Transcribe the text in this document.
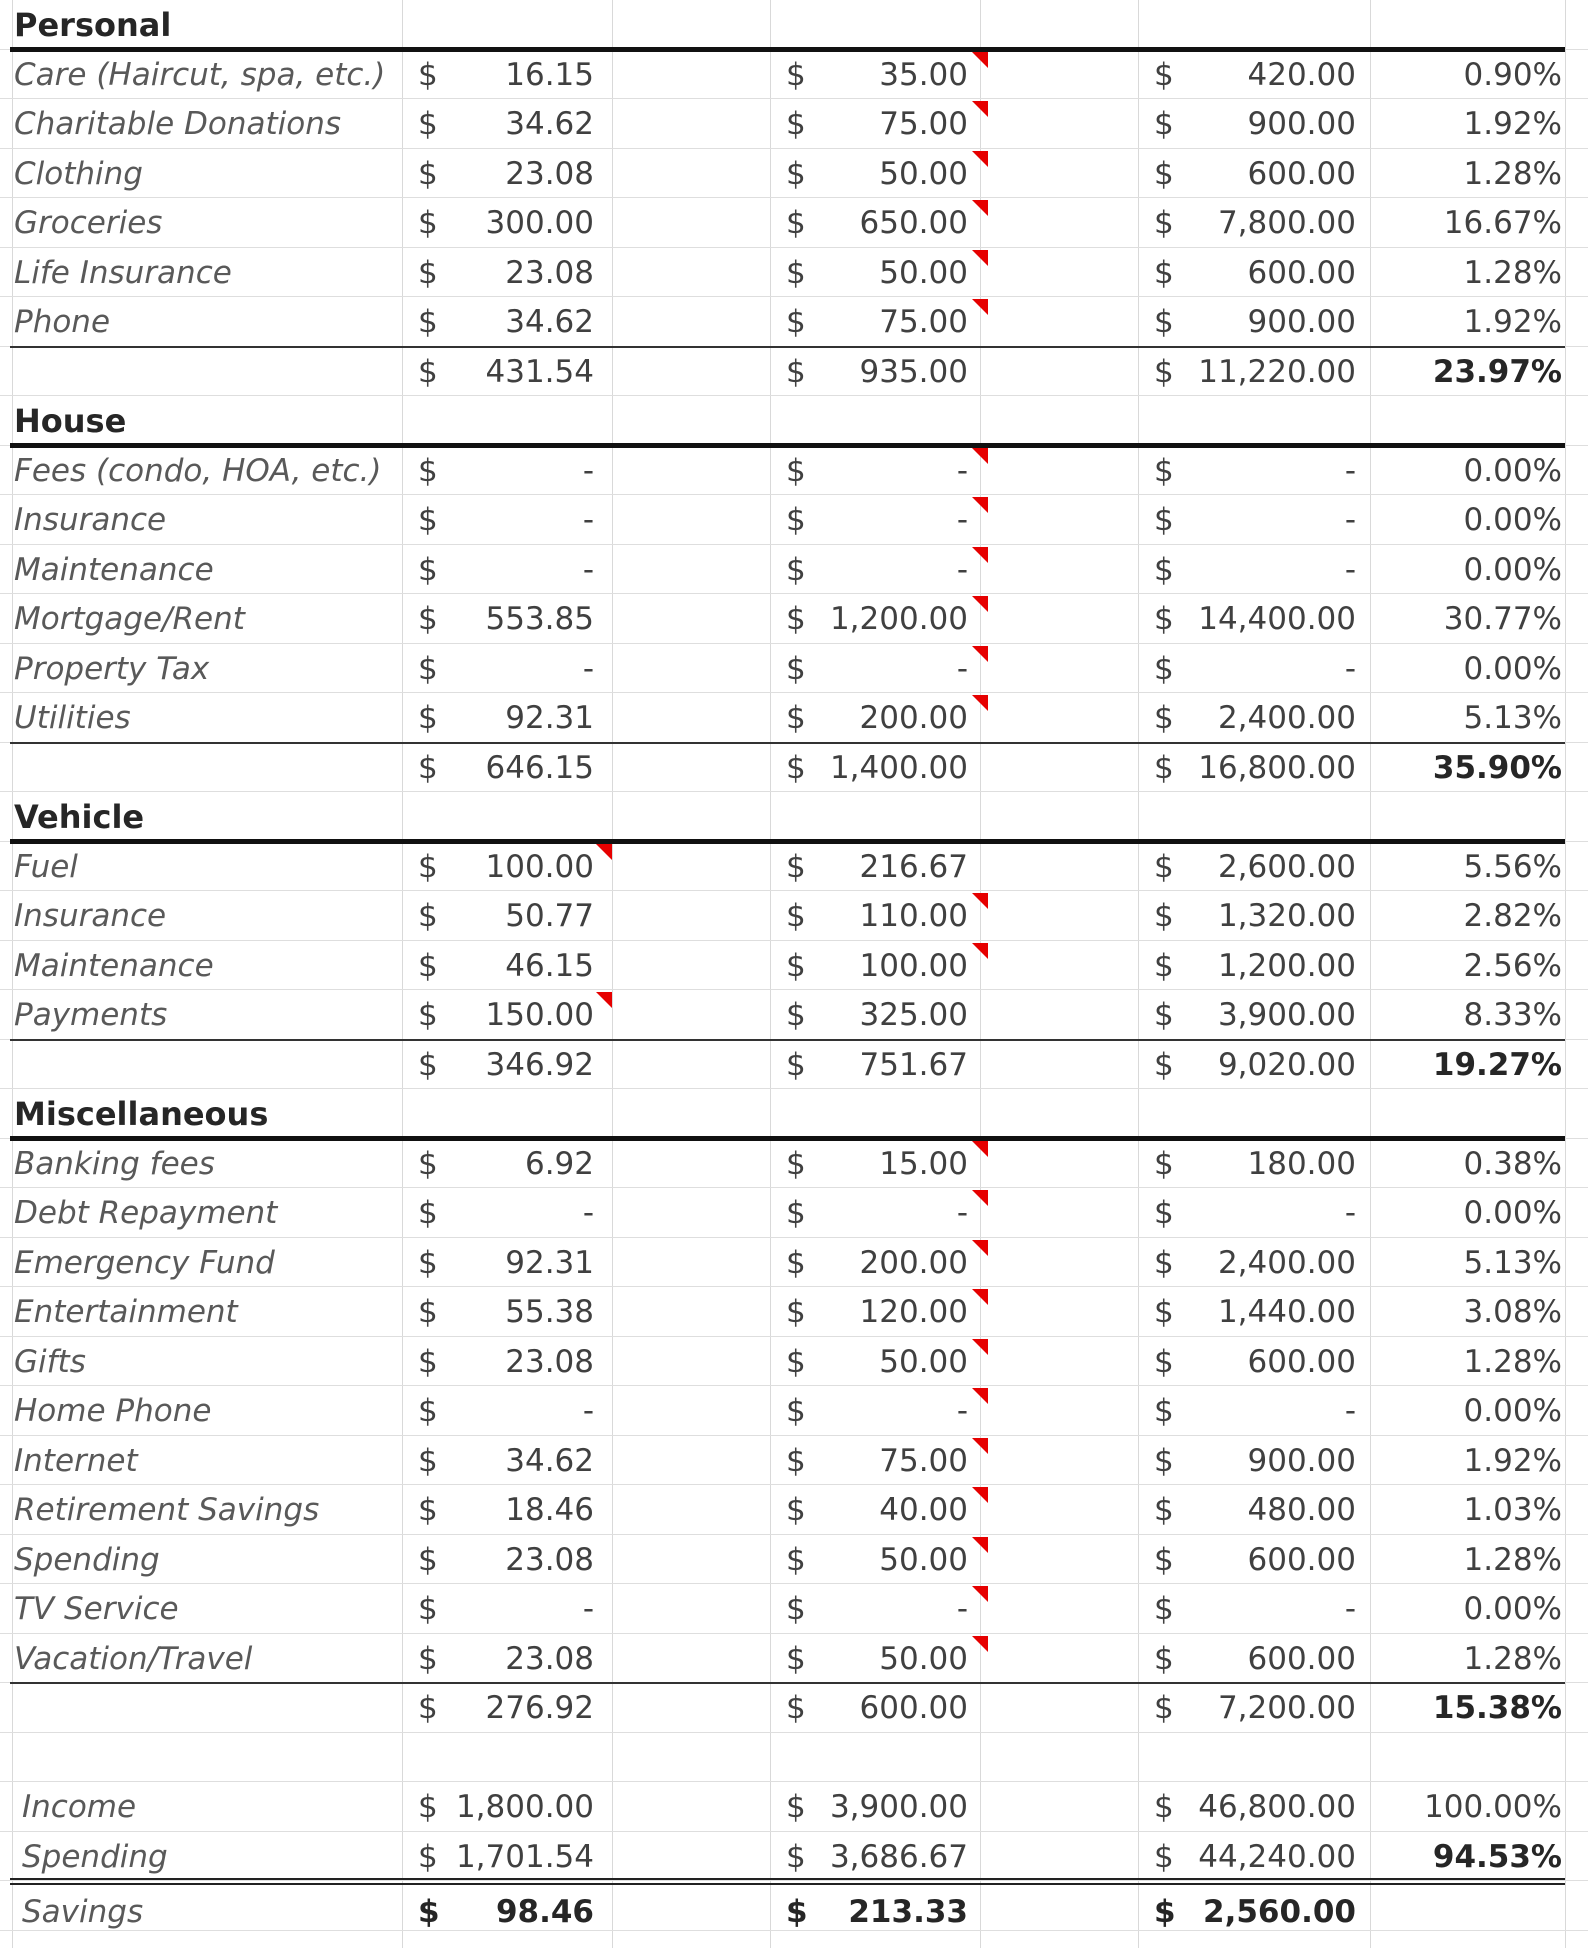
Personal
Care (Haircut, spa, etc.)	$	16.15	$	35.00	$	420.00	0.90%
Charitable Donations	$	34.62	$	75.00	$	900.00	1.92%
Clothing	$	23.08	$	50.00	$	600.00	1.28%
Groceries	$	300.00	$	650.00	$	7,800.00	16.67%
Life Insurance	$	23.08	$	50.00	$	600.00	1.28%
Phone	$	34.62	$	75.00	$	900.00	1.92%
$	431.54	$	935.00	$ 11,220.00	23.97%
House
Fees (condo, HOA, etc.)	$	-	$	-	$	-	0.00%
Insurance	$	-	$	-	$	-	0.00%
Maintenance	$	-	$	-	$	-	0.00%
Mortgage/Rent	$	553.85	$ 1,200.00	$ 14,400.00	30.77%
Property Tax	$	-	$	-	$	-	0.00%
Utilities	$	92.31	$	200.00	$	2,400.00	5.13%
$	646.15	$ 1,400.00	$ 16,800.00	35.90%
Vehicle
Fuel	$	100.00	$	216.67	$	2,600.00	5.56%
Insurance	$	50.77	$	110.00	$	1,320.00	2.82%
Maintenance	$	46.15	$	100.00	$	1,200.00	2.56%
Payments	$	150.00	$	325.00	$	3,900.00	8.33%
$	346.92	$	751.67	$	9,020.00	19.27%
Miscellaneous
Banking fees	$	6.92	$	15.00	$	180.00	0.38%
Debt Repayment	$	-	$	-	$	-	0.00%
Emergency Fund	$	92.31	$	200.00	$	2,400.00	5.13%
Entertainment	$	55.38	$	120.00	$	1,440.00	3.08%
Gifts	$	23.08	$	50.00	$	600.00	1.28%
Home Phone	$	-	$	-	$	-	0.00%
Internet	$	34.62	$	75.00	$	900.00	1.92%
Retirement Savings	$	18.46	$	40.00	$	480.00	1.03%
Spending	$	23.08	$	50.00	$	600.00	1.28%
TV Service	$	-	$	-	$	-	0.00%
Vacation/Travel	$	23.08	$	50.00	$	600.00	1.28%
$	276.92	$	600.00	$	7,200.00	15.38%
Income	$ 1,800.00	$ 3,900.00	$ 46,800.00	100.00%
Spending	$ 1,701.54	$ 3,686.67	$ 44,240.00	94.53%
Savings	$	98.46	$	213.33	$ 2,560.00
